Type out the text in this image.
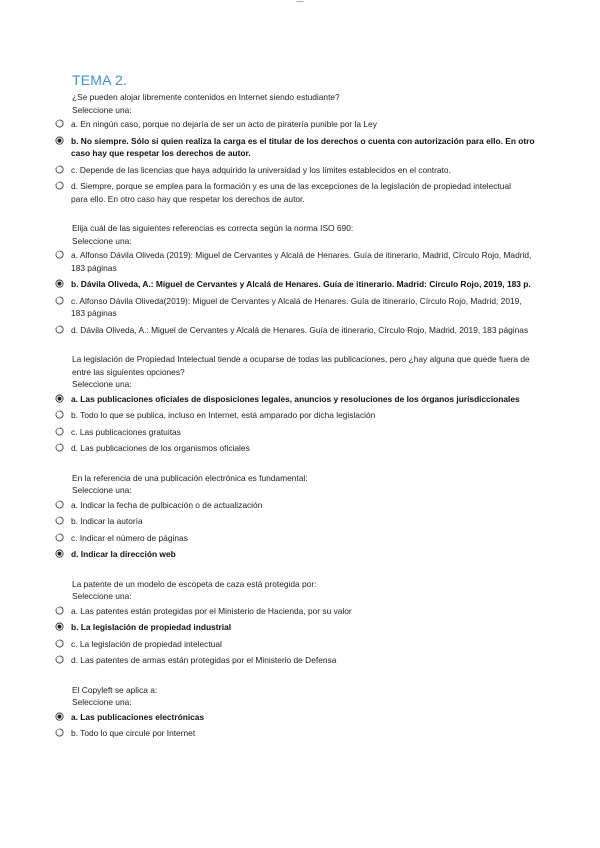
⁓
TEMA 2.
¿Se pueden alojar libremente contenidos en Internet siendo estudiante?
Seleccione una:
a. En ningún caso, porque no dejaría de ser un acto de piratería punible por la Ley
b. No siempre. Sólo si quien realiza la carga es el titular de los derechos o cuenta con autorización para ello. En otro caso hay que respetar los derechos de autor.
c. Depende de las licencias que haya adquirido la universidad y los límites establecidos en el contrato.
d. Siempre, porque se emplea para la formación y es una de las excepciones de la legislación de propiedad intelectual
para ello. En otro caso hay que respetar los derechos de autor.
Elija cuál de las siguientes referencias es correcta según la norma ISO 690:
Seleccione una:
a. Alfonso Dávila Oliveda (2019): Miguel de Cervantes y Alcalá de Henares. Guía de itinerario, Madrid, Círculo Rojo, Madrid, 183 páginas
b. Dávila Oliveda, A.: Miguel de Cervantes y Alcalá de Henares. Guía de itinerario. Madrid: Círculo Rojo, 2019, 183 p.
c. Alfonso Dávila Oliveda(2019): Miguel de Cervantes y Alcalá de Henares. Guía de itinerario, Círculo Rojo, Madrid, 2019, 183 páginas
d. Dávila Oliveda, A.: Miguel de Cervantes y Alcalá de Henares. Guía de itinerario, Círculo Rojo, Madrid, 2019, 183 páginas
La legislación de Propiedad Intelectual tiende a ocuparse de todas las publicaciones, pero ¿hay alguna que quede fuera de entre las siguientes opciones?
Seleccione una:
a. Las publicaciones oficiales de disposiciones legales, anuncios y resoluciones de los órganos jurisdiccionales
b. Todo lo que se publica, incluso en Internet, está amparado por dicha legislación
c. Las publicaciones gratuitas
d. Las publicaciones de los organismos oficiales
En la referencia de una publicación electrónica es fundamental:
Seleccione una:
a. Indicar la fecha de pulbicación o de actualización
b. Indicar la autoría
c. Indicar el número de páginas
d. Indicar la dirección web
La patente de un modelo de escopeta de caza está protegida por:
Seleccione una:
a. Las patentes están protegidas por el Ministerio de Hacienda, por su valor
b. La legislación de propiedad industrial
c. La legislación de propiedad intelectual
d. Las patentes de armas están protegidas por el Ministerio de Defensa
El Copyleft se aplica a:
Seleccione una:
a. Las publicaciones electrónicas
b. Todo lo que circule por Internet
